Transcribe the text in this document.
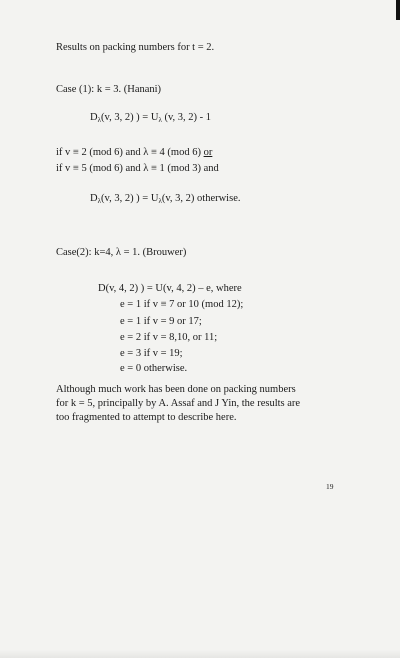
Results on packing numbers for t = 2.
Case (1): k = 3. (Hanani)
$D_\lambda(v$, 3, 2) ) = $U_\lambda$ (v, 3, 2) - 1
if v ≡ 2 (mod 6) and λ ≡ 4 (mod 6) or
if v ≡ 5 (mod 6) and λ ≡ 1 (mod 3) and
$D_\lambda(v$, 3, 2) ) = $U_\lambda(v$, 3, 2) otherwise.
Case(2): k=4, λ = 1. (Brouwer)
D(v, 4, 2) ) = U(v, 4, 2) – e, where
e = 1 if v ≡ 7 or 10 (mod 12);
e = 1 if v = 9 or 17;
e = 2 if v = 8,10, or 11;
e = 3 if v = 19;
e = 0 otherwise.
Although much work has been done on packing numbers
for k = 5, principally by A. Assaf and J Yin, the results are
too fragmented to attempt to describe here.
19
